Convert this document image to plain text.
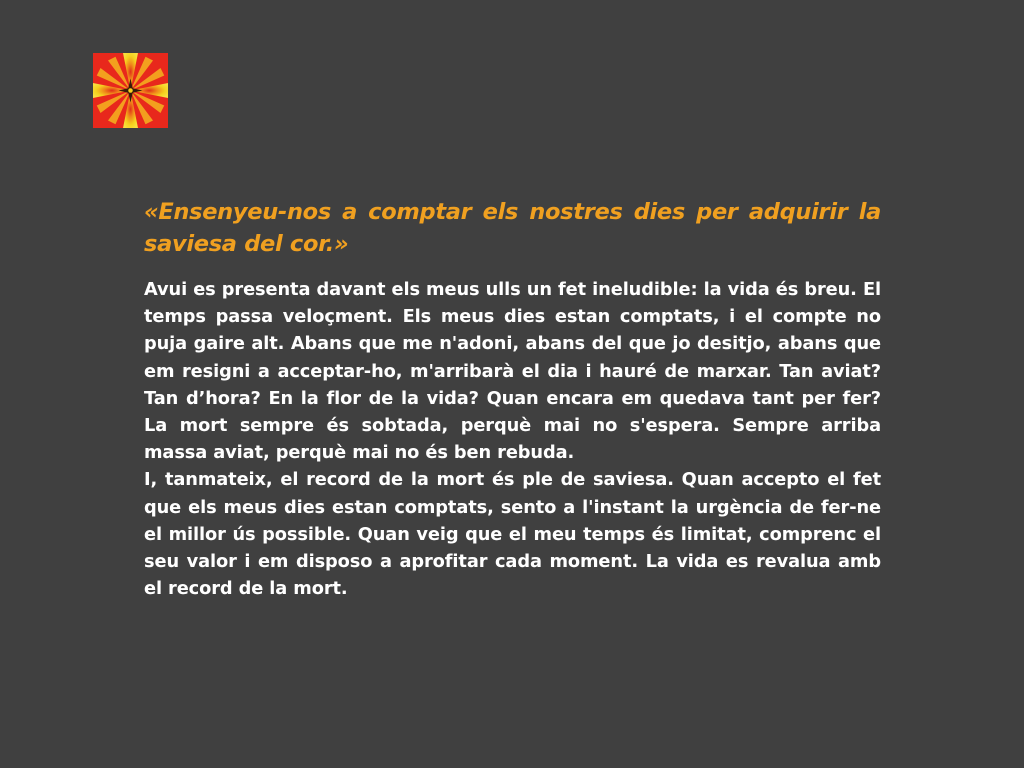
«Ensenyeu-nos a comptar els nostres dies per adquirir la saviesa del cor.»

Avui es presenta davant els meus ulls un fet ineludible: la vida és breu. El temps passa veloçment. Els meus dies estan comptats, i el compte no puja gaire alt. Abans que me n'adoni, abans del que jo desitjo, abans que em resigni a acceptar-ho, m'arribarà el dia i hauré de marxar. Tan aviat? Tan d’hora? En la flor de la vida? Quan encara em quedava tant per fer? La mort sempre és sobtada, perquè mai no s'espera. Sempre arriba massa aviat, perquè mai no és ben rebuda.

I, tanmateix, el record de la mort és ple de saviesa. Quan accepto el fet que els meus dies estan comptats, sento a l'instant la urgència de fer-ne el millor ús possible. Quan veig que el meu temps és limitat, comprenc el seu valor i em disposo a aprofitar cada moment. La vida es revalua amb el record de la mort.
